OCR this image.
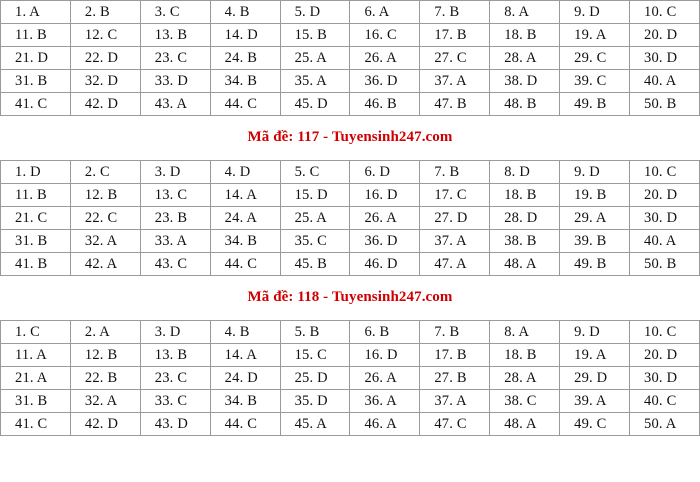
1. A	2. B	3. C	4. B	5. D	6. A	7. B	8. A	9. D	10. C
11. B	12. C	13. B	14. D	15. B	16. C	17. B	18. B	19. A	20. D
21. D	22. D	23. C	24. B	25. A	26. A	27. C	28. A	29. C	30. D
31. B	32. D	33. D	34. B	35. A	36. D	37. A	38. D	39. C	40. A
41. C	42. D	43. A	44. C	45. D	46. B	47. B	48. B	49. B	50. B
Mã đề: 117 - Tuyensinh247.com
1. D	2. C	3. D	4. D	5. C	6. D	7. B	8. D	9. D	10. C
11. B	12. B	13. C	14. A	15. D	16. D	17. C	18. B	19. B	20. D
21. C	22. C	23. B	24. A	25. A	26. A	27. D	28. D	29. A	30. D
31. B	32. A	33. A	34. B	35. C	36. D	37. A	38. B	39. B	40. A
41. B	42. A	43. C	44. C	45. B	46. D	47. A	48. A	49. B	50. B
Mã đề: 118 - Tuyensinh247.com
1. C	2. A	3. D	4. B	5. B	6. B	7. B	8. A	9. D	10. C
11. A	12. B	13. B	14. A	15. C	16. D	17. B	18. B	19. A	20. D
21. A	22. B	23. C	24. D	25. D	26. A	27. B	28. A	29. D	30. D
31. B	32. A	33. C	34. B	35. D	36. A	37. A	38. C	39. A	40. C
41. C	42. D	43. D	44. C	45. A	46. A	47. C	48. A	49. C	50. A
